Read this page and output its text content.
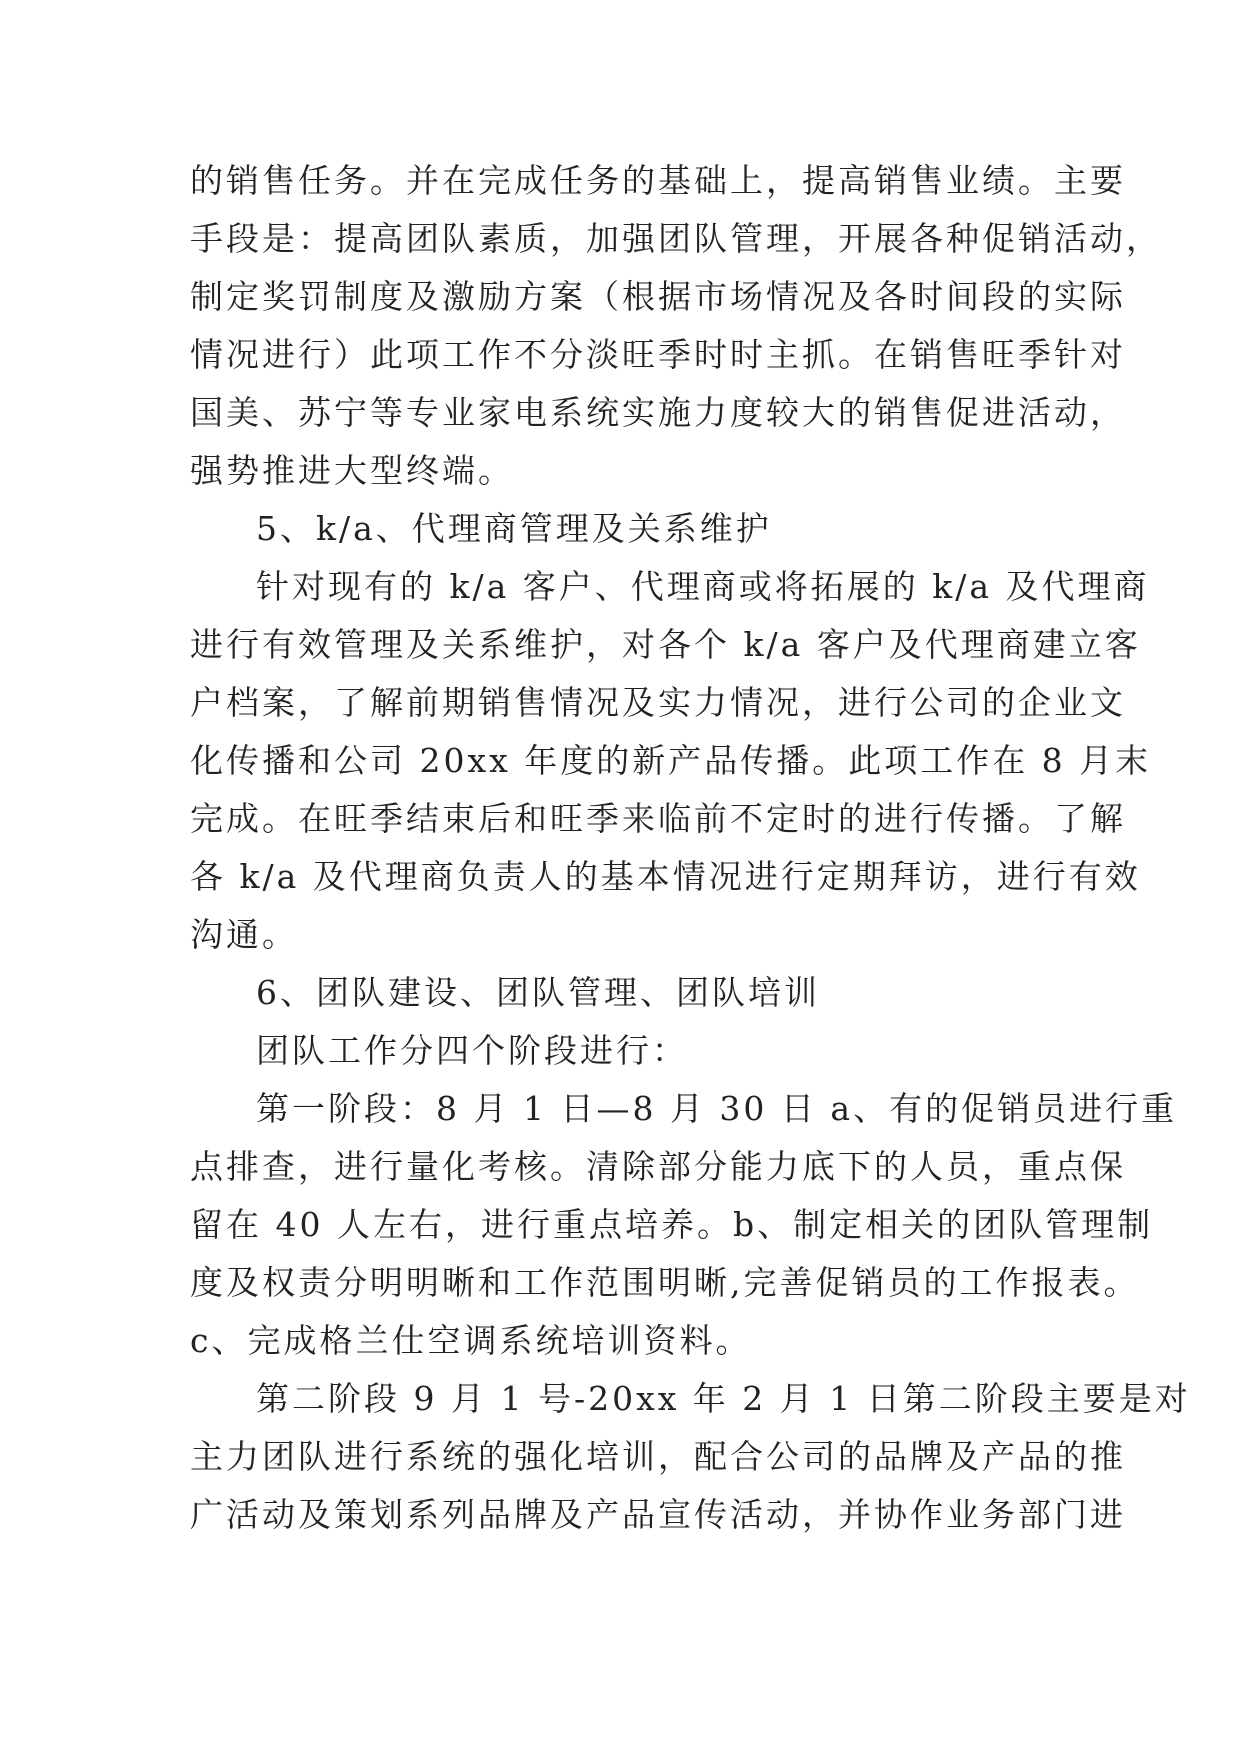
的销售任务。并在完成任务的基础上，提高销售业绩。主要
手段是：提高团队素质，加强团队管理，开展各种促销活动，
制定奖罚制度及激励方案（根据市场情况及各时间段的实际
情况进行）此项工作不分淡旺季时时主抓。在销售旺季针对
国美、苏宁等专业家电系统实施力度较大的销售促进活动，
强势推进大型终端。
5、k/a、代理商管理及关系维护
针对现有的 k/a 客户、代理商或将拓展的 k/a 及代理商
进行有效管理及关系维护，对各个 k/a 客户及代理商建立客
户档案，了解前期销售情况及实力情况，进行公司的企业文
化传播和公司 20xx 年度的新产品传播。此项工作在 8 月末
完成。在旺季结束后和旺季来临前不定时的进行传播。了解
各 k/a 及代理商负责人的基本情况进行定期拜访，进行有效
沟通。
6、团队建设、团队管理、团队培训
团队工作分四个阶段进行：
第一阶段：8 月 1 日—8 月 30 日 a、有的促销员进行重
点排查，进行量化考核。清除部分能力底下的人员，重点保
留在 40 人左右，进行重点培养。b、制定相关的团队管理制
度及权责分明明晰和工作范围明晰,完善促销员的工作报表。
c、完成格兰仕空调系统培训资料。
第二阶段 9 月 1 号-20xx 年 2 月 1 日第二阶段主要是对
主力团队进行系统的强化培训，配合公司的品牌及产品的推
广活动及策划系列品牌及产品宣传活动，并协作业务部门进
